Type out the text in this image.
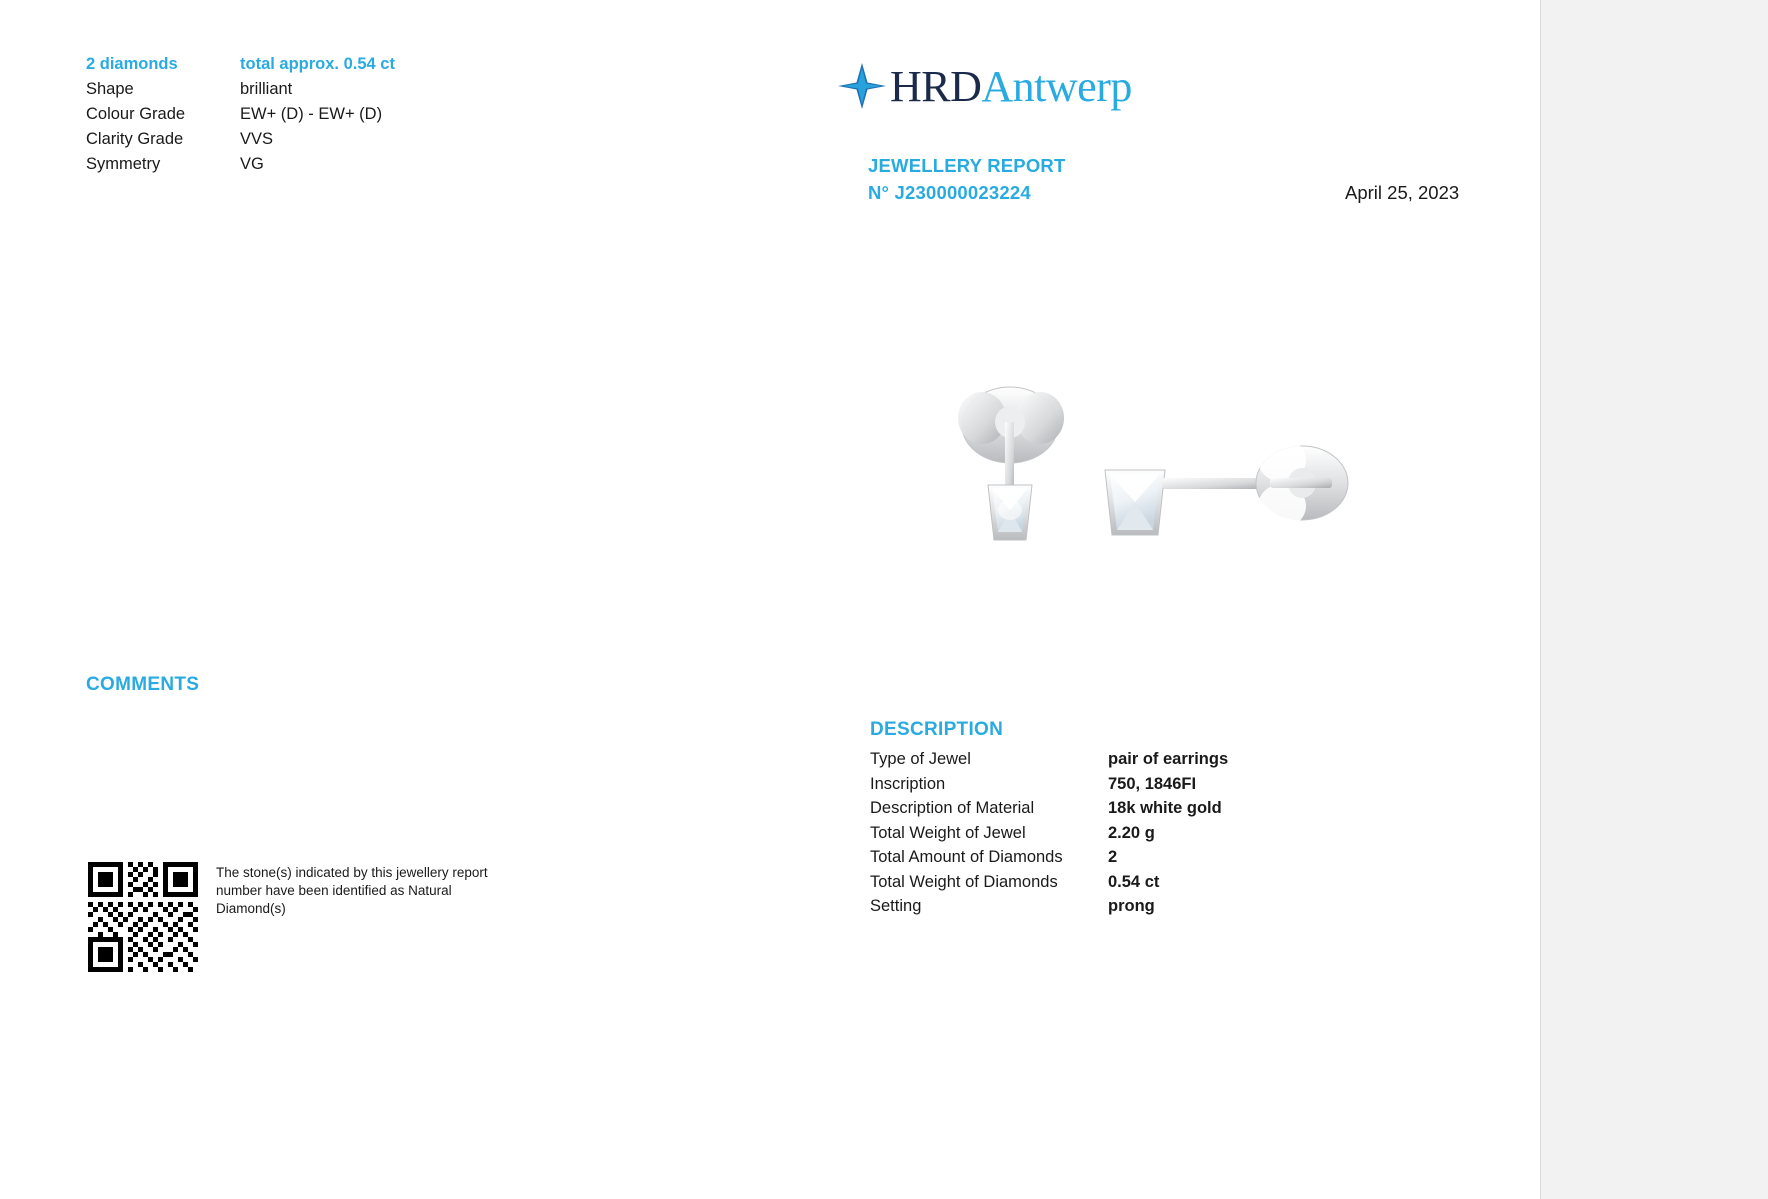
2 diamonds	total approx. 0.54 ct
Shape	brilliant
Colour Grade	EW+ (D) - EW+ (D)
Clarity Grade	VVS
Symmetry	VG
HRD Antwerp
JEWELLERY REPORT
N° J230000023224	April 25, 2023
COMMENTS
The stone(s) indicated by this jewellery report number have been identified as Natural Diamond(s)
DESCRIPTION
Type of Jewel	pair of earrings
Inscription	750, 1846FI
Description of Material	18k white gold
Total Weight of Jewel	2.20 g
Total Amount of Diamonds	2
Total Weight of Diamonds	0.54 ct
Setting	prong
